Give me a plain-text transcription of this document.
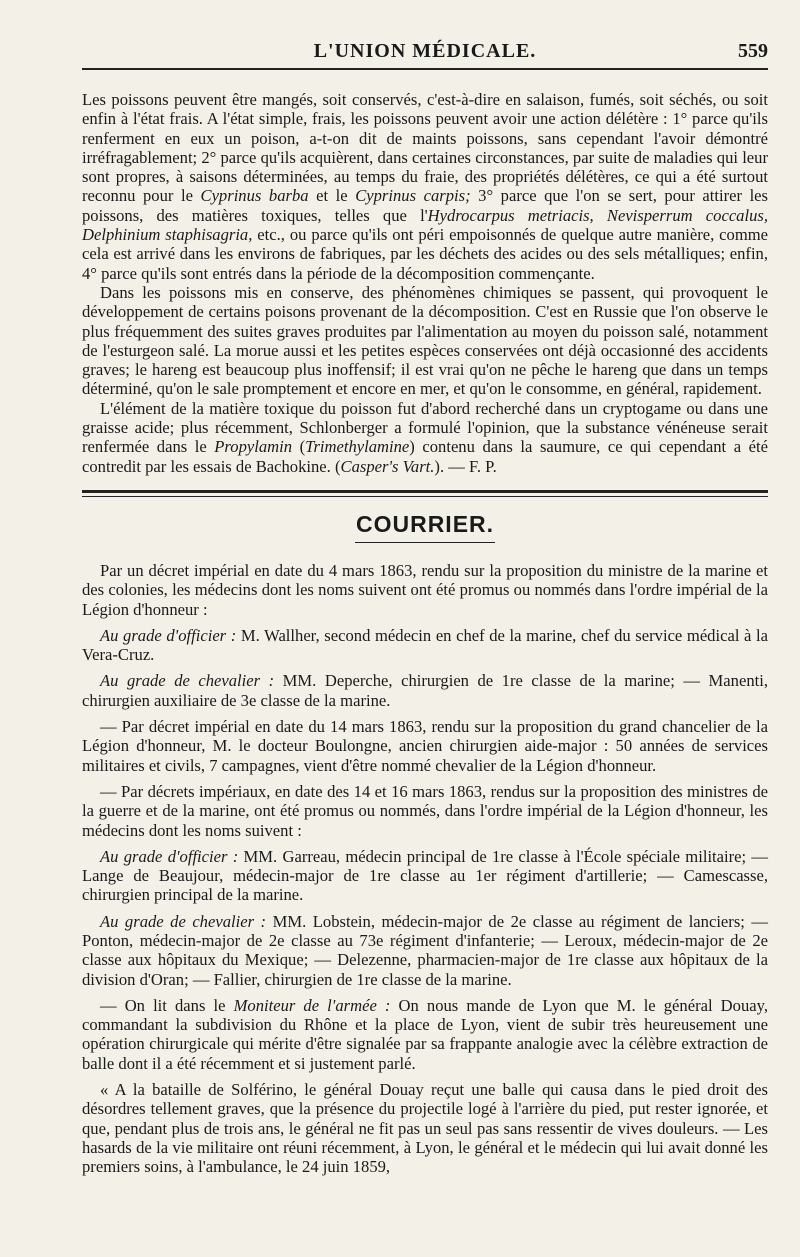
L'UNION MÉDICALE.	559

Les poissons peuvent être mangés, soit conservés, c'est-à-dire en salaison, fumés, soit séchés, ou soit enfin à l'état frais. A l'état simple, frais, les poissons peuvent avoir une action délétère : 1° parce qu'ils renferment en eux un poison, a-t-on dit de maints poissons, sans cependant l'avoir démontré irréfragablement; 2° parce qu'ils acquièrent, dans certaines circonstances, par suite de maladies qui leur sont propres, à saisons déterminées, au temps du fraie, des propriétés délétères, ce qui a été surtout reconnu pour le Cyprinus barba et le Cyprinus carpis; 3° parce que l'on se sert, pour attirer les poissons, des matières toxiques, telles que l'Hydrocarpus metriacis, Nevisperrum coccalus, Delphinium staphisagria, etc., ou parce qu'ils ont péri empoisonnés de quelque autre manière, comme cela est arrivé dans les environs de fabriques, par les déchets des acides ou des sels métalliques; enfin, 4° parce qu'ils sont entrés dans la période de la décomposition commençante.

Dans les poissons mis en conserve, des phénomènes chimiques se passent, qui provoquent le développement de certains poisons provenant de la décomposition. C'est en Russie que l'on observe le plus fréquemment des suites graves produites par l'alimentation au moyen du poisson salé, notamment de l'esturgeon salé. La morue aussi et les petites espèces conservées ont déjà occasionné des accidents graves; le hareng est beaucoup plus inoffensif; il est vrai qu'on ne pêche le hareng que dans un temps déterminé, qu'on le sale promptement et encore en mer, et qu'on le consomme, en général, rapidement.

L'élément de la matière toxique du poisson fut d'abord recherché dans un cryptogame ou dans une graisse acide; plus récemment, Schlonberger a formulé l'opinion, que la substance vénéneuse serait renfermée dans le Propylamin (Trimethylamine) contenu dans la saumure, ce qui cependant a été contredit par les essais de Bachokine. (Casper's Vart.). — F. P.

COURRIER.

Par un décret impérial en date du 4 mars 1863, rendu sur la proposition du ministre de la marine et des colonies, les médecins dont les noms suivent ont été promus ou nommés dans l'ordre impérial de la Légion d'honneur :

Au grade d'officier : M. Wallher, second médecin en chef de la marine, chef du service médical à la Vera-Cruz.

Au grade de chevalier : MM. Deperche, chirurgien de 1re classe de la marine; — Manenti, chirurgien auxiliaire de 3e classe de la marine.

— Par décret impérial en date du 14 mars 1863, rendu sur la proposition du grand chancelier de la Légion d'honneur, M. le docteur Boulongne, ancien chirurgien aide-major : 50 années de services militaires et civils, 7 campagnes, vient d'être nommé chevalier de la Légion d'honneur.

— Par décrets impériaux, en date des 14 et 16 mars 1863, rendus sur la proposition des ministres de la guerre et de la marine, ont été promus ou nommés, dans l'ordre impérial de la Légion d'honneur, les médecins dont les noms suivent :

Au grade d'officier : MM. Garreau, médecin principal de 1re classe à l'École spéciale militaire; — Lange de Beaujour, médecin-major de 1re classe au 1er régiment d'artillerie; — Camescasse, chirurgien principal de la marine.

Au grade de chevalier : MM. Lobstein, médecin-major de 2e classe au régiment de lanciers; — Ponton, médecin-major de 2e classe au 73e régiment d'infanterie; — Leroux, médecin-major de 2e classe aux hôpitaux du Mexique; — Delezenne, pharmacien-major de 1re classe aux hôpitaux de la division d'Oran; — Fallier, chirurgien de 1re classe de la marine.

— On lit dans le Moniteur de l'armée : On nous mande de Lyon que M. le général Douay, commandant la subdivision du Rhône et la place de Lyon, vient de subir très heureusement une opération chirurgicale qui mérite d'être signalée par sa frappante analogie avec la célèbre extraction de balle dont il a été récemment et si justement parlé.

« A la bataille de Solférino, le général Douay reçut une balle qui causa dans le pied droit des désordres tellement graves, que la présence du projectile logé à l'arrière du pied, put rester ignorée, et que, pendant plus de trois ans, le général ne fit pas un seul pas sans ressentir de vives douleurs. — Les hasards de la vie militaire ont réuni récemment, à Lyon, le général et le médecin qui lui avait donné les premiers soins, à l'ambulance, le 24 juin 1859,
